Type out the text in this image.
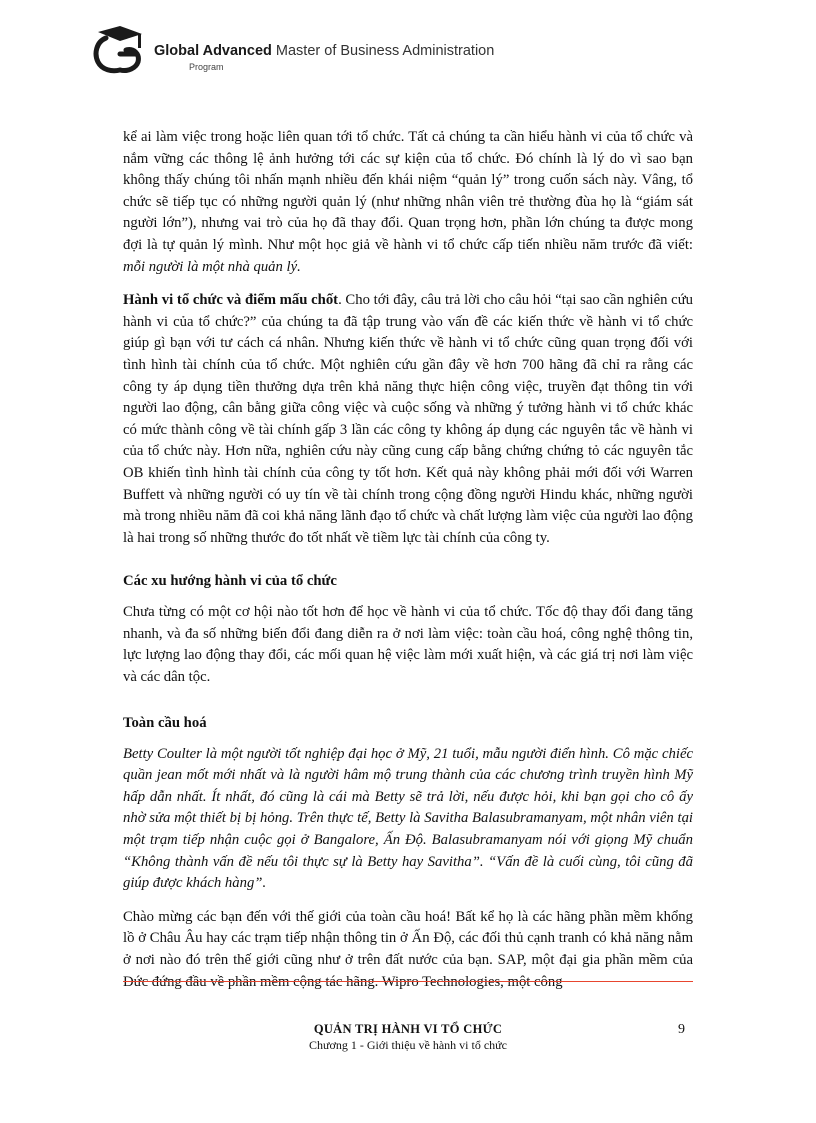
Global Advanced Master of Business Administration
Program

kể ai làm việc trong hoặc liên quan tới tổ chức. Tất cả chúng ta cần hiểu hành vi của tổ chức và nắm vững các thông lệ ảnh hưởng tới các sự kiện của tổ chức. Đó chính là lý do vì sao bạn không thấy chúng tôi nhấn mạnh nhiều đến khái niệm “quản lý” trong cuốn sách này. Vâng, tổ chức sẽ tiếp tục có những người quản lý (như những nhân viên trẻ thường đùa họ là “giám sát người lớn”), nhưng vai trò của họ đã thay đổi. Quan trọng hơn, phần lớn chúng ta được mong đợi là tự quản lý mình. Như một học giả về hành vi tổ chức cấp tiến nhiều năm trước đã viết: mỗi người là một nhà quản lý.

Hành vi tổ chức và điểm mấu chốt. Cho tới đây, câu trả lời cho câu hỏi “tại sao cần nghiên cứu hành vi của tổ chức?” của chúng ta đã tập trung vào vấn đề các kiến thức về hành vi tổ chức giúp gì bạn với tư cách cá nhân. Nhưng kiến thức về hành vi tổ chức cũng quan trọng đối với tình hình tài chính của tổ chức. Một nghiên cứu gần đây về hơn 700 hãng đã chỉ ra rằng các công ty áp dụng tiền thưởng dựa trên khả năng thực hiện công việc, truyền đạt thông tin với người lao động, cân bằng giữa công việc và cuộc sống và những ý tưởng hành vi tổ chức khác có mức thành công về tài chính gấp 3 lần các công ty không áp dụng các nguyên tắc về hành vi của tổ chức này. Hơn nữa, nghiên cứu này cũng cung cấp bằng chứng chứng tỏ các nguyên tắc OB khiến tình hình tài chính của công ty tốt hơn. Kết quả này không phải mới đối với Warren Buffett và những người có uy tín về tài chính trong cộng đồng người Hindu khác, những người mà trong nhiều năm đã coi khả năng lãnh đạo tổ chức và chất lượng làm việc của người lao động là hai trong số những thước đo tốt nhất về tiềm lực tài chính của công ty.

Các xu hướng hành vi của tổ chức

Chưa từng có một cơ hội nào tốt hơn để học về hành vi của tổ chức. Tốc độ thay đổi đang tăng nhanh, và đa số những biến đổi đang diễn ra ở nơi làm việc: toàn cầu hoá, công nghệ thông tin, lực lượng lao động thay đổi, các mối quan hệ việc làm mới xuất hiện, và các giá trị nơi làm việc và các dân tộc.

Toàn cầu hoá

Betty Coulter là một người tốt nghiệp đại học ở Mỹ, 21 tuổi, mẫu người điển hình. Cô mặc chiếc quần jean mốt mới nhất và là người hâm mộ trung thành của các chương trình truyền hình Mỹ hấp dẫn nhất. Ít nhất, đó cũng là cái mà Betty sẽ trả lời, nếu được hỏi, khi bạn gọi cho cô ấy nhờ sửa một thiết bị bị hỏng. Trên thực tế, Betty là Savitha Balasubramanyam, một nhân viên tại một trạm tiếp nhận cuộc gọi ở Bangalore, Ấn Độ. Balasubramanyam nói với giọng Mỹ chuẩn “Không thành vấn đề nếu tôi thực sự là Betty hay Savitha”. “Vấn đề là cuối cùng, tôi cũng đã giúp được khách hàng”.

Chào mừng các bạn đến với thế giới của toàn cầu hoá! Bất kể họ là các hãng phần mềm khổng lồ ở Châu Âu hay các trạm tiếp nhận thông tin ở Ấn Độ, các đối thủ cạnh tranh có khả năng nằm ở nơi nào đó trên thế giới cũng như ở trên đất nước của bạn. SAP, một đại gia phần mềm của Đức đứng đầu về phần mềm cộng tác hãng. Wipro Technologies, một công

QUẢN TRỊ HÀNH VI TỔ CHỨC
Chương 1 - Giới thiệu về hành vi tổ chức
9
